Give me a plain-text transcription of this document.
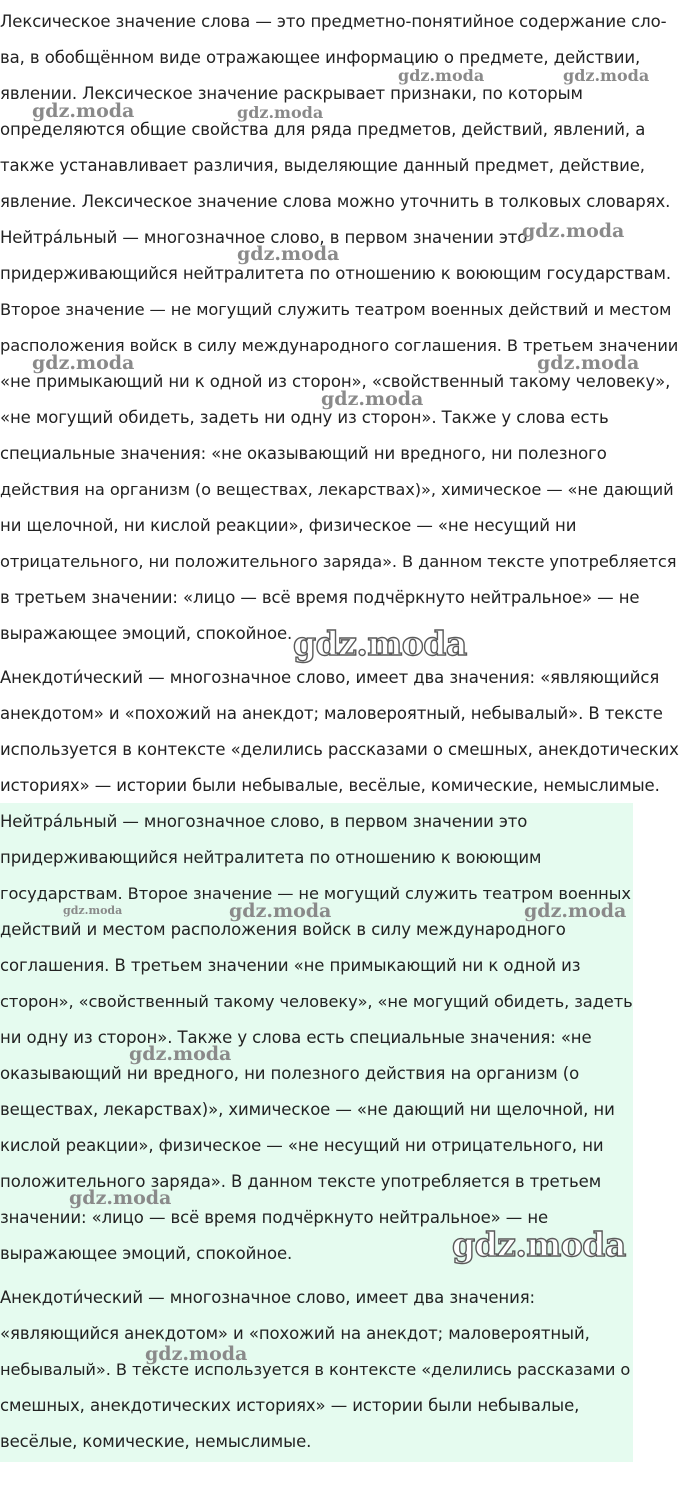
Лексическое значение слова — это предметно-понятийное содержание сло-
ва, в обобщённом виде отражающее информацию о предмете, действии,
явлении. Лексическое значение раскрывает признаки, по которым
определяются общие свойства для ряда предметов, действий, явлений, а
также устанавливает различия, выделяющие данный предмет, действие,
явление. Лексическое значение слова можно уточнить в толковых словарях.
Нейтра́льный — многозначное слово, в первом значении это
придерживающийся нейтралитета по отношению к воюющим государствам.
Второе значение — не могущий служить театром военных действий и местом
расположения войск в силу международного соглашения. В третьем значении
«не примыкающий ни к одной из сторон», «свойственный такому человеку»,
«не могущий обидеть, задеть ни одну из сторон». Также у слова есть
специальные значения: «не оказывающий ни вредного, ни полезного
действия на организм (о веществах, лекарствах)», химическое — «не дающий
ни щелочной, ни кислой реакции», физическое — «не несущий ни
отрицательного, ни положительного заряда». В данном тексте употребляется
в третьем значении: «лицо — всё время подчёркнуто нейтральное» — не
выражающее эмоций, спокойное.
Анекдоти́ческий — многозначное слово, имеет два значения: «являющийся
анекдотом» и «похожий на анекдот; маловероятный, небывалый». В тексте
используется в контексте «делились рассказами о смешных, анекдотических
историях» — истории были небывалые, весёлые, комические, немыслимые.
Нейтра́льный — многозначное слово, в первом значении это
придерживающийся нейтралитета по отношению к воюющим
государствам. Второе значение — не могущий служить театром военных
действий и местом расположения войск в силу международного
соглашения. В третьем значении «не примыкающий ни к одной из
сторон», «свойственный такому человеку», «не могущий обидеть, задеть
ни одну из сторон». Также у слова есть специальные значения: «не
оказывающий ни вредного, ни полезного действия на организм (о
веществах, лекарствах)», химическое — «не дающий ни щелочной, ни
кислой реакции», физическое — «не несущий ни отрицательного, ни
положительного заряда». В данном тексте употребляется в третьем
значении: «лицо — всё время подчёркнуто нейтральное» — не
выражающее эмоций, спокойное.
Анекдоти́ческий — многозначное слово, имеет два значения:
«являющийся анекдотом» и «похожий на анекдот; маловероятный,
небывалый». В тексте используется в контексте «делились рассказами о
смешных, анекдотических историях» — истории были небывалые,
весёлые, комические, немыслимые.
gdz.moda	gdz.moda
gdz.moda	gdz.moda
gdz.moda
gdz.moda
gdz.moda	gdz.moda
gdz.moda
gdz.moda
gdz.moda	gdz.moda	gdz.moda
gdz.moda
gdz.moda
gdz.moda
gdz.moda
